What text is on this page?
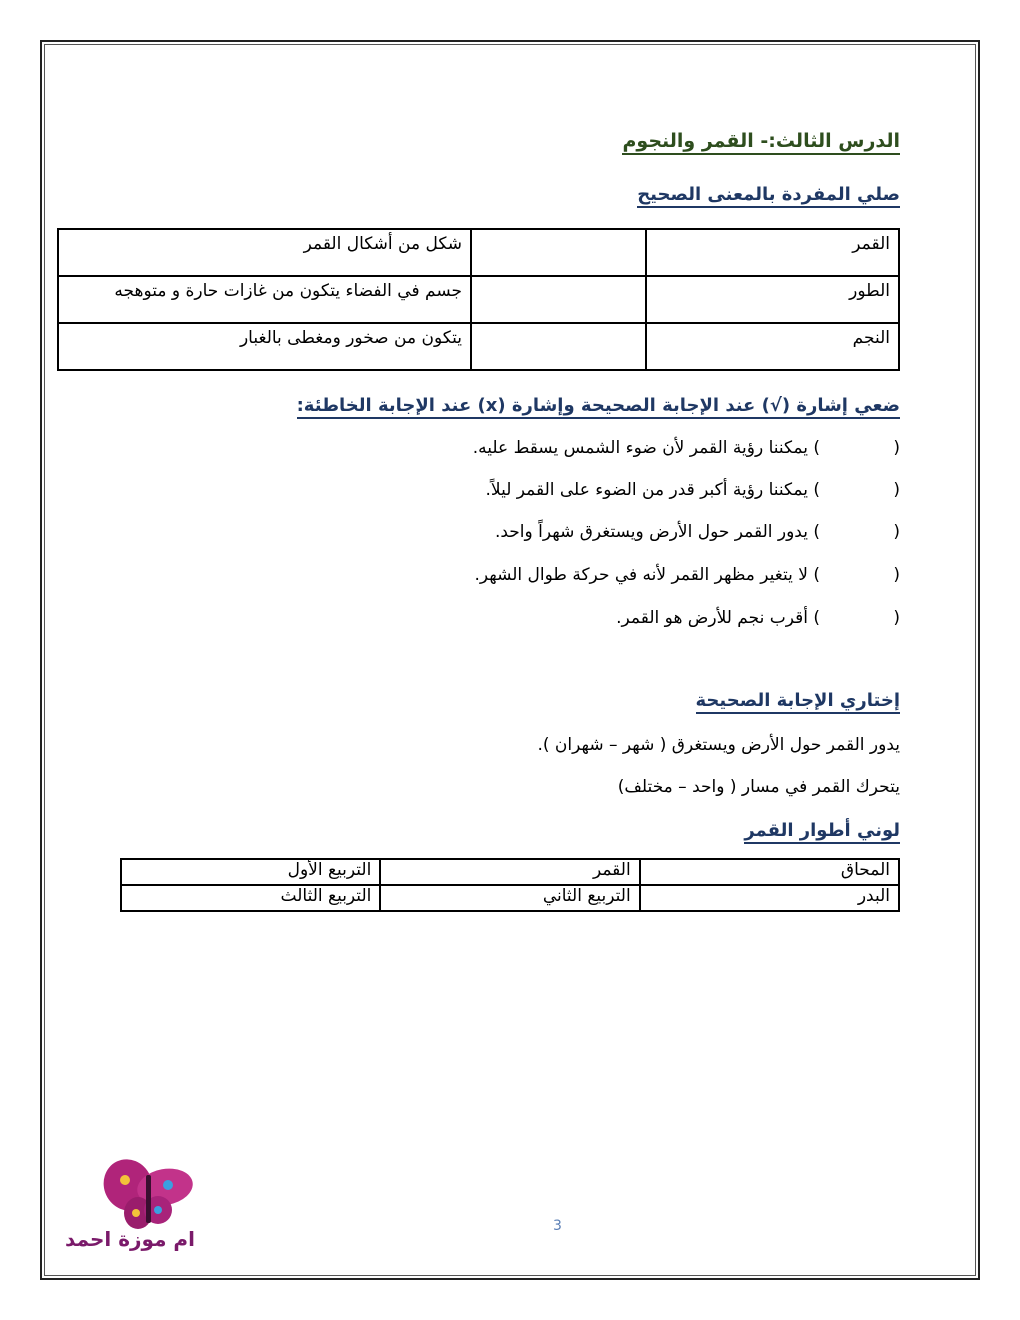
الدرس الثالث:- القمر والنجوم
صلي المفردة بالمعنى الصحيح
القمر		شكل من أشكال القمر
الطور		جسم في الفضاء يتكون من غازات حارة و متوهجه
النجم		يتكون من صخور ومغطى بالغبار
ضعي إشارة (√) عند الإجابة الصحيحة وإشارة (x) عند الإجابة الخاطئة:
(
) يمكننا رؤية القمر لأن ضوء الشمس يسقط عليه.
(
) يمكننا رؤية أكبر قدر من الضوء على القمر ليلاً.
(
) يدور القمر حول الأرض ويستغرق شهراً واحد.
(
) لا يتغير مظهر القمر لأنه في حركة طوال الشهر.
(
) أقرب نجم للأرض هو القمر.
إختاري الإجابة الصحيحة
يدور القمر حول الأرض ويستغرق ( شهر – شهران ).
يتحرك القمر في مسار ( واحد – مختلف)
لوني أطوار القمر
المحاق	القمر	التربيع الأول
البدر	التربيع الثاني	التربيع الثالث
ام موزة احمد
3
